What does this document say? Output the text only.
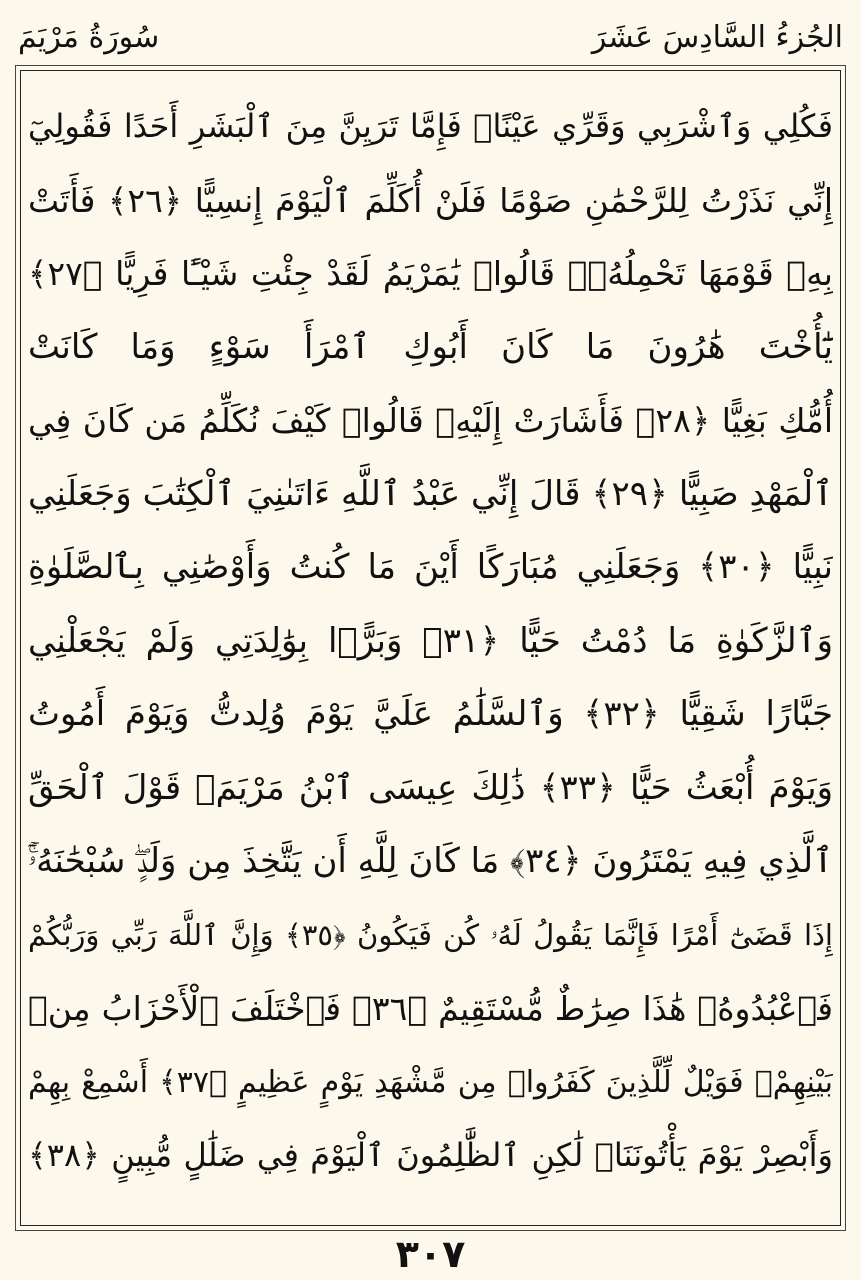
سُورَةُ مَرْيَمَ	الجُزءُ السَّادِسَ عَشَرَ
فَكُلِي وَٱشْرَبِي وَقَرِّي عَيْنًاۖ فَإِمَّا تَرَيِنَّ مِنَ ٱلْبَشَرِ أَحَدًا فَقُولِيٓ
إِنِّي نَذَرْتُ لِلرَّحْمَٰنِ صَوْمًا فَلَنْ أُكَلِّمَ ٱلْيَوْمَ إِنسِيًّا ﴿٢٦﴾ فَأَتَتْ
بِهِۦ قَوْمَهَا تَحْمِلُهُۥۖ قَالُوا۟ يَٰمَرْيَمُ لَقَدْ جِئْتِ شَيْـًٔا فَرِيًّا ﴿٢٧﴾
يَٰٓأُخْتَ هَٰرُونَ مَا كَانَ أَبُوكِ ٱمْرَأَ سَوْءٍ وَمَا كَانَتْ
أُمُّكِ بَغِيًّا ﴿٢٨﴾ فَأَشَارَتْ إِلَيْهِۖ قَالُوا۟ كَيْفَ نُكَلِّمُ مَن كَانَ فِي
ٱلْمَهْدِ صَبِيًّا ﴿٢٩﴾ قَالَ إِنِّي عَبْدُ ٱللَّهِ ءَاتَىٰنِيَ ٱلْكِتَٰبَ وَجَعَلَنِي
نَبِيًّا ﴿٣٠﴾ وَجَعَلَنِي مُبَارَكًا أَيْنَ مَا كُنتُ وَأَوْصَٰنِي بِٱلصَّلَوٰةِ
وَٱلزَّكَوٰةِ مَا دُمْتُ حَيًّا ﴿٣١﴾ وَبَرًّۢا بِوَٰلِدَتِي وَلَمْ يَجْعَلْنِي
جَبَّارًا شَقِيًّا ﴿٣٢﴾ وَٱلسَّلَٰمُ عَلَيَّ يَوْمَ وُلِدتُّ وَيَوْمَ أَمُوتُ
وَيَوْمَ أُبْعَثُ حَيًّا ﴿٣٣﴾ ذَٰلِكَ عِيسَى ٱبْنُ مَرْيَمَۖ قَوْلَ ٱلْحَقِّ
ٱلَّذِي فِيهِ يَمْتَرُونَ ﴿٣٤﴾ مَا كَانَ لِلَّهِ أَن يَتَّخِذَ مِن وَلَدٍۖ سُبْحَٰنَهُۥٓۚ
إِذَا قَضَىٰٓ أَمْرًا فَإِنَّمَا يَقُولُ لَهُۥ كُن فَيَكُونُ ﴿٣٥﴾ وَإِنَّ ٱللَّهَ رَبِّي وَرَبُّكُمْ
فَٱعْبُدُوهُۚ هَٰذَا صِرَٰطٌ مُّسْتَقِيمٌ ﴿٣٦﴾ فَٱخْتَلَفَ ٱلْأَحْزَابُ مِنۢ
بَيْنِهِمْۖ فَوَيْلٌ لِّلَّذِينَ كَفَرُوا۟ مِن مَّشْهَدِ يَوْمٍ عَظِيمٍ ﴿٣٧﴾ أَسْمِعْ بِهِمْ
وَأَبْصِرْ يَوْمَ يَأْتُونَنَاۖ لَٰكِنِ ٱلظَّٰلِمُونَ ٱلْيَوْمَ فِي ضَلَٰلٍ مُّبِينٍ ﴿٣٨﴾
٣٠٧
